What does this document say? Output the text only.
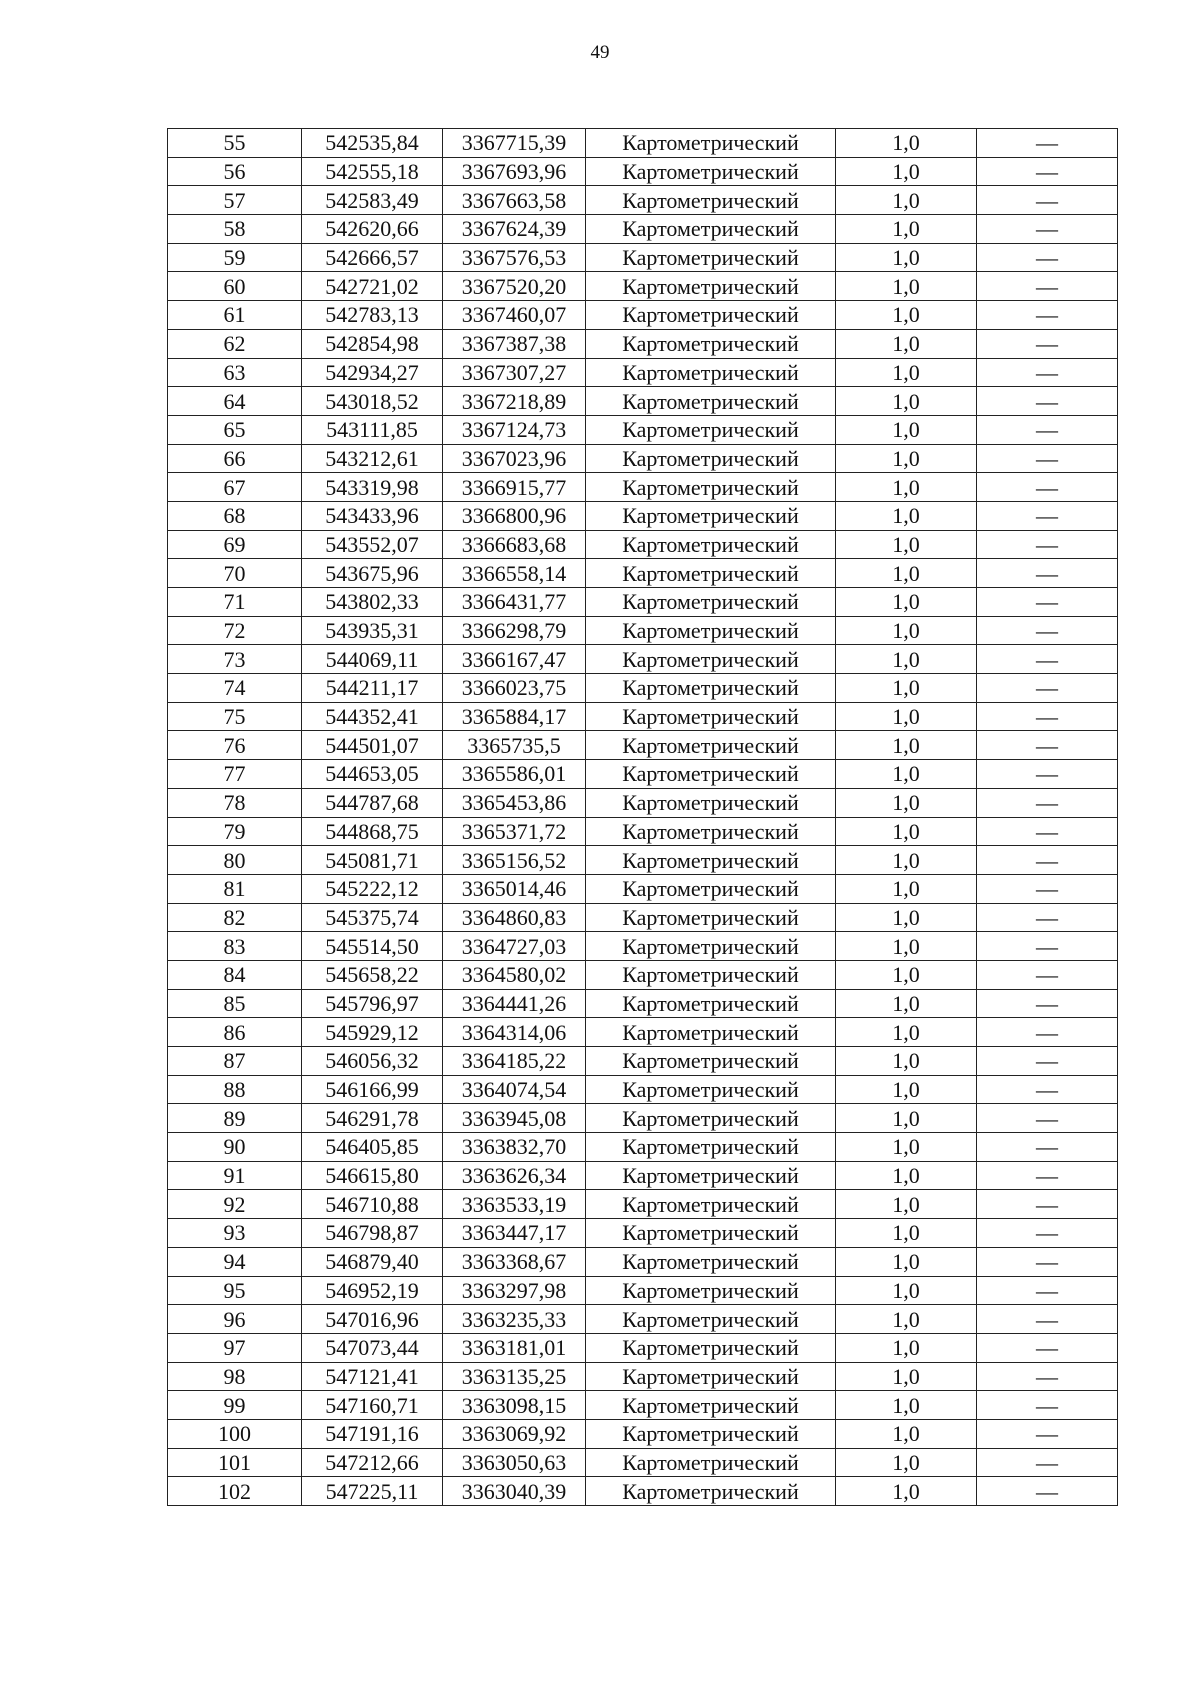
49
55	542535,84	3367715,39	Картометрический	1,0	—
56	542555,18	3367693,96	Картометрический	1,0	—
57	542583,49	3367663,58	Картометрический	1,0	—
58	542620,66	3367624,39	Картометрический	1,0	—
59	542666,57	3367576,53	Картометрический	1,0	—
60	542721,02	3367520,20	Картометрический	1,0	—
61	542783,13	3367460,07	Картометрический	1,0	—
62	542854,98	3367387,38	Картометрический	1,0	—
63	542934,27	3367307,27	Картометрический	1,0	—
64	543018,52	3367218,89	Картометрический	1,0	—
65	543111,85	3367124,73	Картометрический	1,0	—
66	543212,61	3367023,96	Картометрический	1,0	—
67	543319,98	3366915,77	Картометрический	1,0	—
68	543433,96	3366800,96	Картометрический	1,0	—
69	543552,07	3366683,68	Картометрический	1,0	—
70	543675,96	3366558,14	Картометрический	1,0	—
71	543802,33	3366431,77	Картометрический	1,0	—
72	543935,31	3366298,79	Картометрический	1,0	—
73	544069,11	3366167,47	Картометрический	1,0	—
74	544211,17	3366023,75	Картометрический	1,0	—
75	544352,41	3365884,17	Картометрический	1,0	—
76	544501,07	3365735,5	Картометрический	1,0	—
77	544653,05	3365586,01	Картометрический	1,0	—
78	544787,68	3365453,86	Картометрический	1,0	—
79	544868,75	3365371,72	Картометрический	1,0	—
80	545081,71	3365156,52	Картометрический	1,0	—
81	545222,12	3365014,46	Картометрический	1,0	—
82	545375,74	3364860,83	Картометрический	1,0	—
83	545514,50	3364727,03	Картометрический	1,0	—
84	545658,22	3364580,02	Картометрический	1,0	—
85	545796,97	3364441,26	Картометрический	1,0	—
86	545929,12	3364314,06	Картометрический	1,0	—
87	546056,32	3364185,22	Картометрический	1,0	—
88	546166,99	3364074,54	Картометрический	1,0	—
89	546291,78	3363945,08	Картометрический	1,0	—
90	546405,85	3363832,70	Картометрический	1,0	—
91	546615,80	3363626,34	Картометрический	1,0	—
92	546710,88	3363533,19	Картометрический	1,0	—
93	546798,87	3363447,17	Картометрический	1,0	—
94	546879,40	3363368,67	Картометрический	1,0	—
95	546952,19	3363297,98	Картометрический	1,0	—
96	547016,96	3363235,33	Картометрический	1,0	—
97	547073,44	3363181,01	Картометрический	1,0	—
98	547121,41	3363135,25	Картометрический	1,0	—
99	547160,71	3363098,15	Картометрический	1,0	—
100	547191,16	3363069,92	Картометрический	1,0	—
101	547212,66	3363050,63	Картометрический	1,0	—
102	547225,11	3363040,39	Картометрический	1,0	—
